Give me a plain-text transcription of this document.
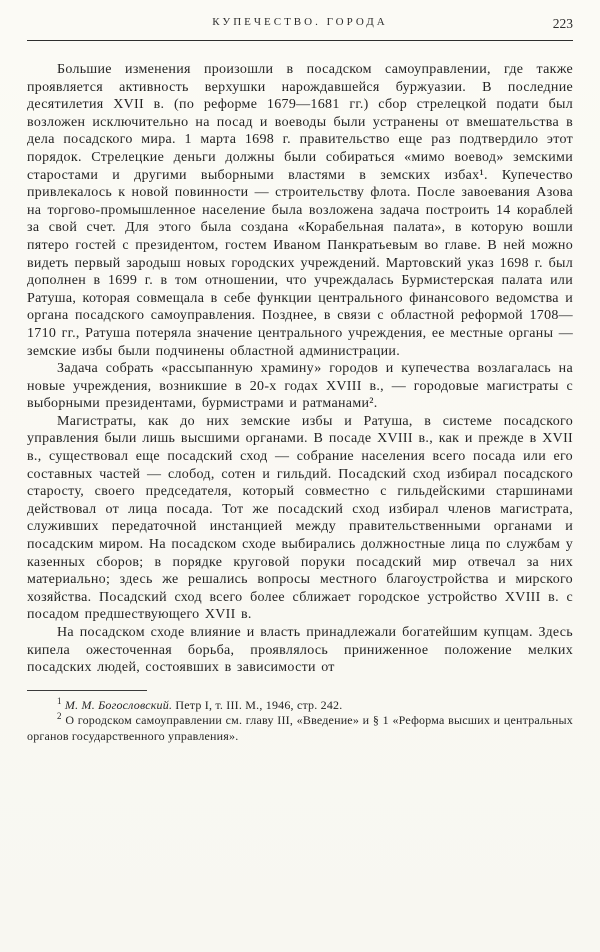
КУПЕЧЕСТВО. ГОРОДА	223

Большие изменения произошли в посадском самоуправлении, где также проявляется активность верхушки нарождавшейся буржуазии. В последние десятилетия XVII в. (по реформе 1679—1681 гг.) сбор стрелецкой подати был возложен исключительно на посад и воеводы были устранены от вмешательства в дела посадского мира. 1 марта 1698 г. правительство еще раз подтвердило этот порядок. Стрелецкие деньги должны были собираться «мимо воевод» земскими старостами и другими выборными властями в земских избах¹. Купечество привлекалось к новой повинности — строительству флота. После завоевания Азова на торгово-промышленное население была возложена задача построить 14 кораблей за свой счет. Для этого была создана «Корабельная палата», в которую вошли пятеро гостей с президентом, гостем Иваном Панкратьевым во главе. В ней можно видеть первый зародыш новых городских учреждений. Мартовский указ 1698 г. был дополнен в 1699 г. в том отношении, что учреждалась Бурмистерская палата или Ратуша, которая совмещала в себе функции центрального финансового ведомства и органа посадского самоуправления. Позднее, в связи с областной реформой 1708—1710 гг., Ратуша потеряла значение центрального учреждения, ее местные органы — земские избы были подчинены областной администрации.

Задача собрать «рассыпанную храмину» городов и купечества возлагалась на новые учреждения, возникшие в 20-х годах XVIII в., — городовые магистраты с выборными президентами, бурмистрами и ратманами².

Магистраты, как до них земские избы и Ратуша, в системе посадского управления были лишь высшими органами. В посаде XVIII в., как и прежде в XVII в., существовал еще посадский сход — собрание населения всего посада или его составных частей — слобод, сотен и гильдий. Посадский сход избирал посадского старосту, своего председателя, который совместно с гильдейскими старшинами действовал от лица посада. Тот же посадский сход избирал членов магистрата, служивших передаточной инстанцией между правительственными органами и посадским миром. На посадском сходе выбирались должностные лица по службам у казенных сборов; в порядке круговой поруки посадский мир отвечал за них материально; здесь же решались вопросы местного благоустройства и мирского хозяйства. Посадский сход всего более сближает городское устройство XVIII в. с посадом предшествующего XVII в.

На посадском сходе влияние и власть принадлежали богатейшим купцам. Здесь кипела ожесточенная борьба, проявлялось приниженное положение мелких посадских людей, состоявших в зависимости от

$^1$ М. М. Богословский. Петр I, т. III. М., 1946, стр. 242.

$^2$ О городском самоуправлении см. главу III, «Введение» и § 1 «Реформа высших и центральных органов государственного управления».
